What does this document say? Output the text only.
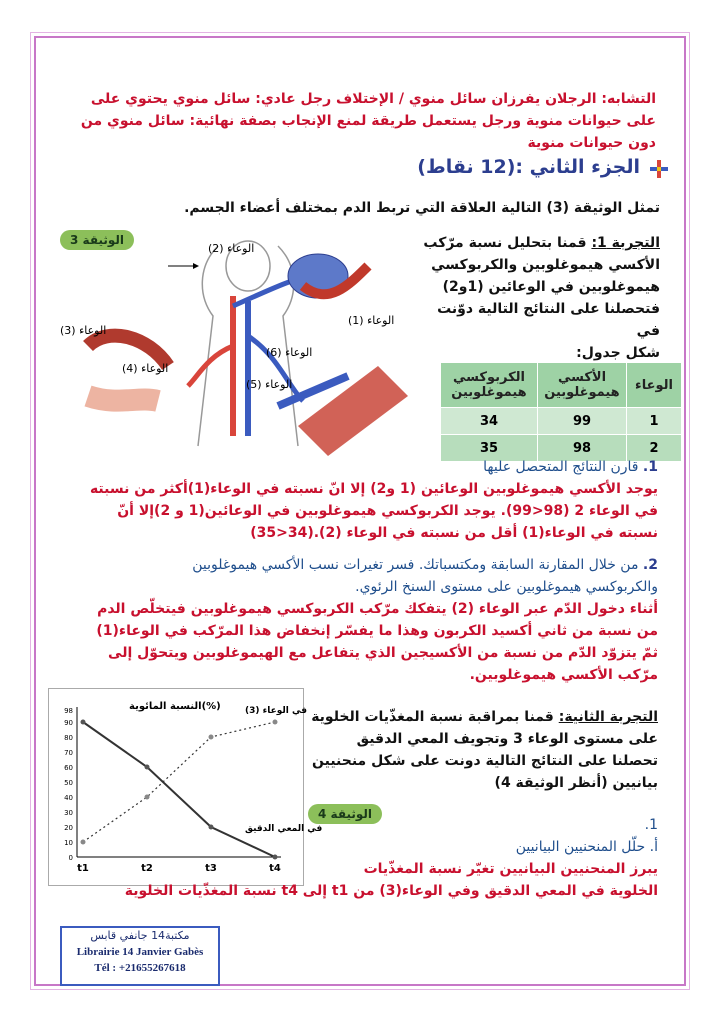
التشابه: الرجلان يفرزان سائل منوي / الإختلاف رجل عادي: سائل منوي يحتوي على
على حيوانات منوية ورجل يستعمل طريقة لمنع الإنجاب بصفة نهائية: سائل منوي من
دون حيوانات منوية
الجزء الثاني :(12 نقاط)
تمثل الوثيقة (3) التالية العلاقة التي تربط الدم بمختلف أعضاء الجسم.
الوثيقة 3
الوعاء (2)
الوعاء (1)
الوعاء (3)
الوعاء (4)
الوعاء (6)
الوعاء (5)
التجربة 1: قمنا بتحليل نسبة مرّكب
الأكسي هيموغلوبين والكربوكسي
هيموغلوبين في الوعائين (1و2)
فتحصلنا على النتائج التالية دوّنت في
شكل جدول:
الوعاء	الأكسي هيموغلوبين	الكربوكسي هيموغلوبين
1	99	34
2	98	35
1. قارن النتائج المتحصل عليها
يوجد الأكسي هيموغلوبين الوعائين (1 و2) إلا انّ نسبته في الوعاء(1)أكثر من نسبته
في الوعاء 2 (98<99). يوجد الكربوكسي هيموغلوبين في الوعائين(1 و 2)إلا أنّ
نسبته في الوعاء(1) أقل من نسبته في الوعاء (2).(34<35)
2. من خلال المقارنة السابقة ومكتسباتك. فسر تغيرات نسب الأكسي هيموغلوبين
والكربوكسي هيموغلوبين على مستوى السنخ الرئوي.
أثناء دخول الدّم عبر الوعاء (2) يتفكك مرّكب الكربوكسي هيموغلوبين فيتخلّص الدم
من نسبة من ثاني أكسيد الكربون وهذا ما يفسّر إنخفاض هذا المرّكب في الوعاء(1)
ثمّ يتزوّد الدّم من نسبة من الأكسيجين الذي يتفاعل مع الهيموغلوبين ويتحوّل إلى
مرّكب الأكسي هيموغلوبين.
النسبة المائوية(%)
0
10
20
30
40
50
60
70
80
90
98
t1	t2	t3	t4
في الوعاء (3)
في المعي الدقيق
التجربة الثانية: قمنا بمراقبة نسبة المغذّيات الخلوية
على مستوى الوعاء 3 وتجويف المعي الدقيق
تحصلنا على النتائج التالية دونت على شكل منحنيين
بيانيين (أنظر الوثيقة 4)
الوثيقة 4
1.
أ. حلّل المنحنيين البيانيين
يبرز المنحنيين البيانيين تغيّر نسبة المغذّيات
الخلوية في المعي الدقيق وفي الوعاء(3) من t1 إلى t4 نسبة المغذّيات الخلوية
مكتبة14 جانفي قابس
Librairie 14 Janvier Gabès
Tél : +21655267618
